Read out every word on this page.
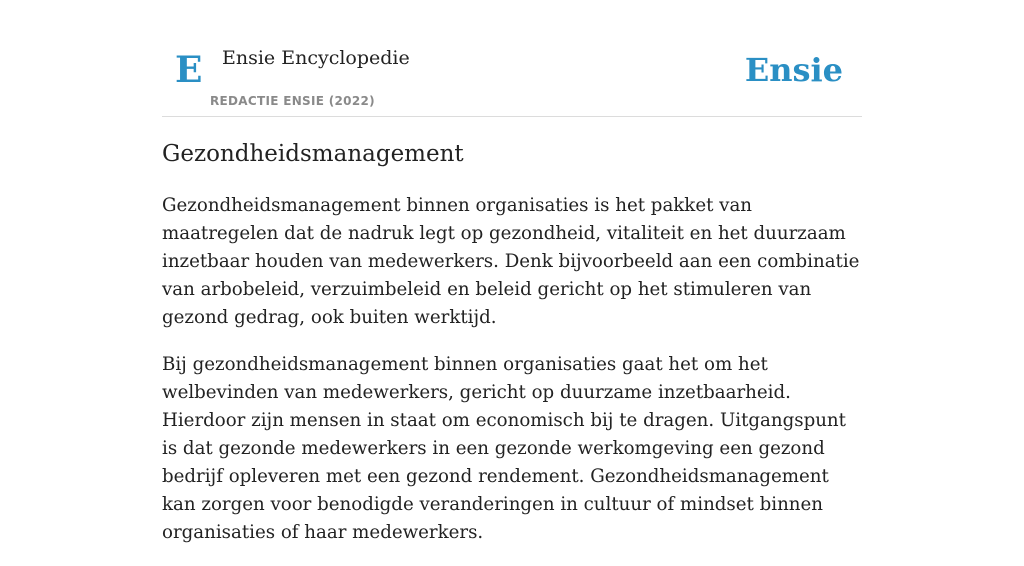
E Ensie Encyclopedie
REDACTIE ENSIE (2022)
Ensie
Gezondheidsmanagement

Gezondheidsmanagement binnen organisaties is het pakket van maatregelen dat de nadruk legt op gezondheid, vitaliteit en het duurzaam inzetbaar houden van medewerkers. Denk bijvoorbeeld aan een combinatie van arbobeleid, verzuimbeleid en beleid gericht op het stimuleren van gezond gedrag, ook buiten werktijd.

Bij gezondheidsmanagement binnen organisaties gaat het om het welbevinden van medewerkers, gericht op duurzame inzetbaarheid. Hierdoor zijn mensen in staat om economisch bij te dragen. Uitgangspunt is dat gezonde medewerkers in een gezonde werkomgeving een gezond bedrijf opleveren met een gezond rendement. Gezondheidsmanagement kan zorgen voor benodigde veranderingen in cultuur of mindset binnen organisaties of haar medewerkers.
